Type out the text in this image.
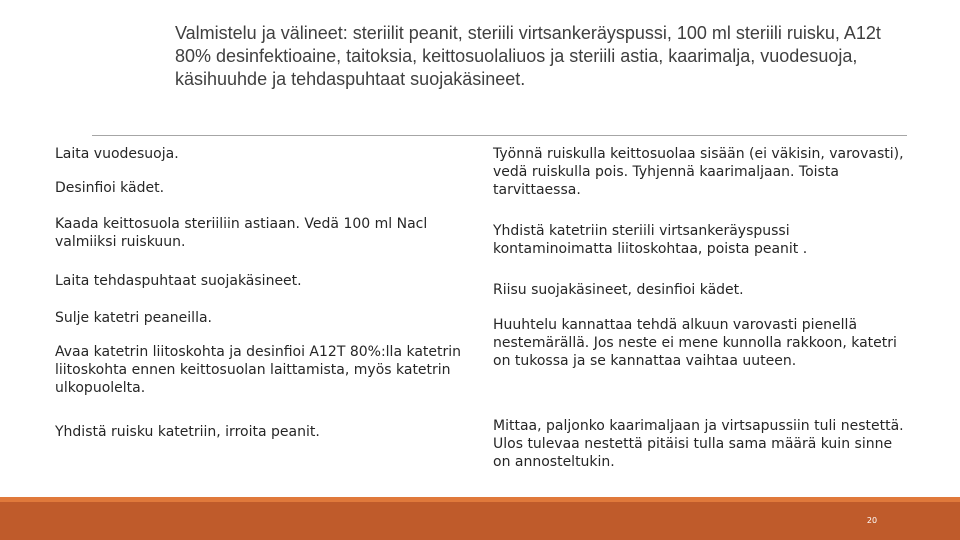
Valmistelu ja välineet: steriilit peanit, steriili virtsankeräyspussi, 100 ml steriili ruisku, A12t 80% desinfektioaine, taitoksia, keittosuolaliuos ja steriili astia, kaarimalja, vuodesuoja, käsihuuhde ja tehdaspuhtaat suojakäsineet.

Laita vuodesuoja.

Desinfioi kädet.

Kaada keittosuola steriiliin astiaan. Vedä 100 ml Nacl valmiiksi ruiskuun.

Laita tehdaspuhtaat suojakäsineet.

Sulje katetri peaneilla.

Avaa katetrin liitoskohta ja desinfioi A12T 80%:lla katetrin liitoskohta ennen keittosuolan laittamista, myös katetrin ulkopuolelta.

Yhdistä ruisku katetriin, irroita peanit.

Työnnä ruiskulla keittosuolaa sisään (ei väkisin, varovasti), vedä ruiskulla pois. Tyhjennä kaarimaljaan. Toista tarvittaessa.

Yhdistä katetriin steriili virtsankeräyspussi kontaminoimatta liitoskohtaa, poista peanit .

Riisu suojakäsineet, desinfioi kädet.

Huuhtelu kannattaa tehdä alkuun varovasti pienellä nestemärällä. Jos neste ei mene kunnolla rakkoon, katetri on tukossa ja se kannattaa vaihtaa uuteen.

Mittaa, paljonko kaarimaljaan ja virtsapussiin tuli nestettä. Ulos tulevaa nestettä pitäisi tulla sama määrä kuin sinne on annosteltukin.

20
